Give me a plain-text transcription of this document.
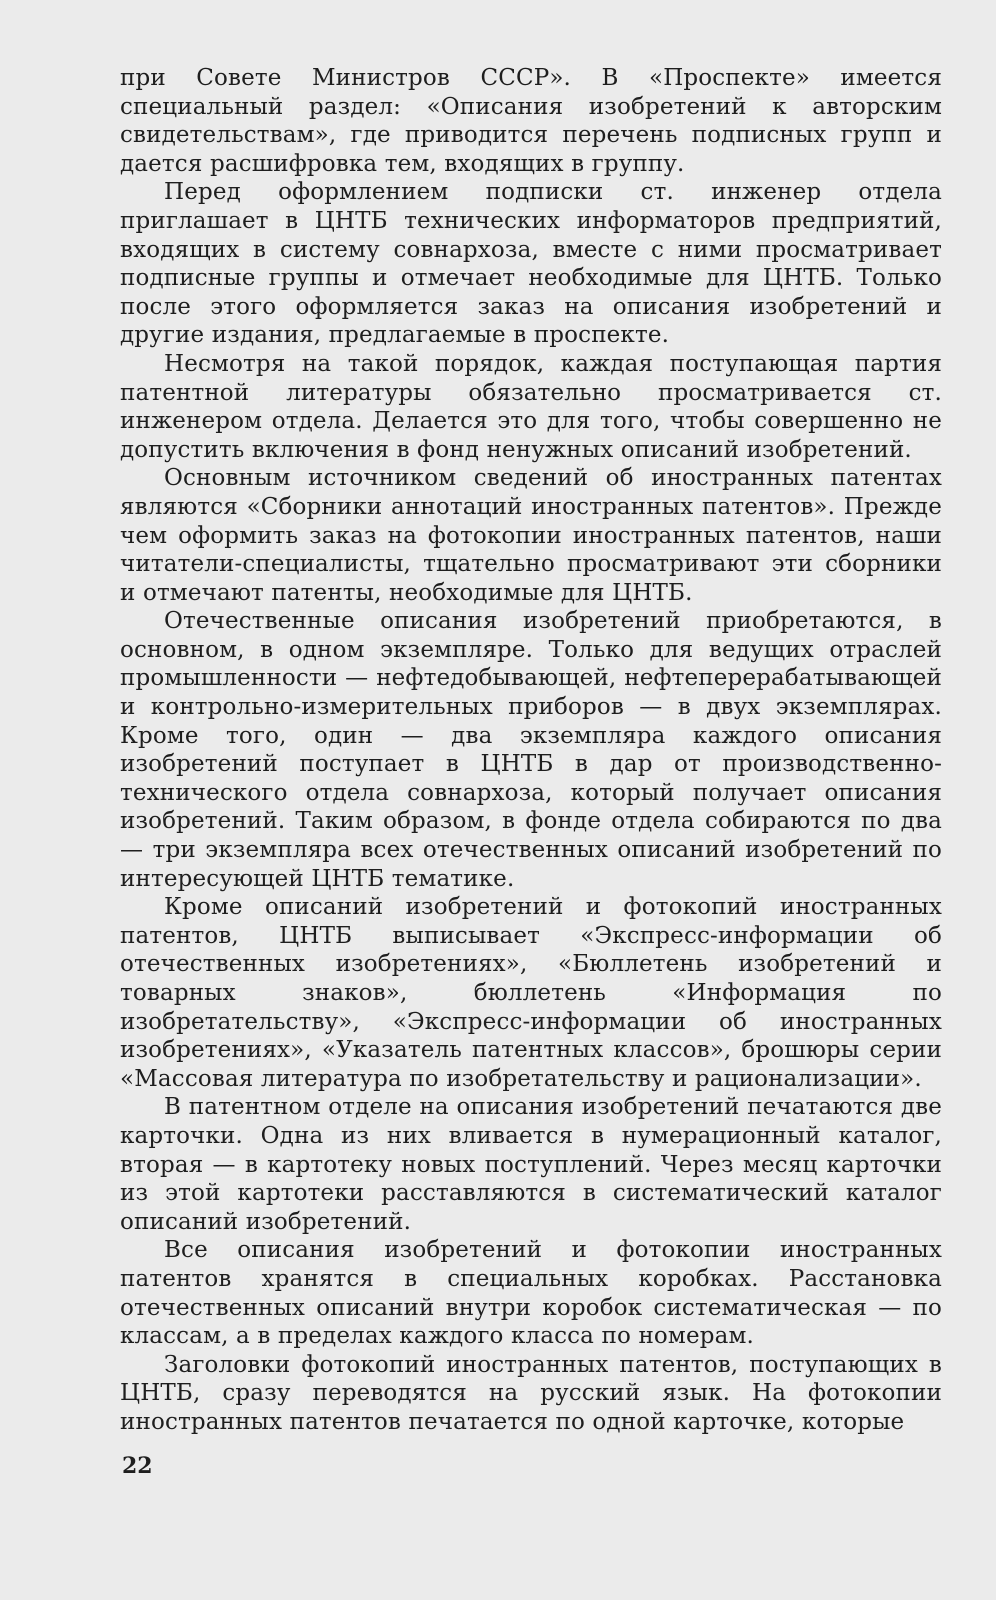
при Совете Министров СССР». В «Проспекте» имеется специальный раздел: «Описания изобретений к авторским свидетельствам», где приводится перечень подписных групп и дается расшифровка тем, входящих в группу.

Перед оформлением подписки ст. инженер отдела приглашает в ЦНТБ технических информаторов предприятий, входящих в систему совнархоза, вместе с ними просматривает подписные группы и отмечает необходимые для ЦНТБ. Только после этого оформляется заказ на описания изобретений и другие издания, предлагаемые в проспекте.

Несмотря на такой порядок, каждая поступающая партия патентной литературы обязательно просматривается ст. инженером отдела. Делается это для того, чтобы совершенно не допустить включения в фонд ненужных описаний изобретений.

Основным источником сведений об иностранных патентах являются «Сборники аннотаций иностранных патентов». Прежде чем оформить заказ на фотокопии иностранных патентов, наши читатели-специалисты, тщательно просматривают эти сборники и отмечают патенты, необходимые для ЦНТБ.

Отечественные описания изобретений приобретаются, в основном, в одном экземпляре. Только для ведущих отраслей промышленности — нефтедобывающей, нефтеперерабатывающей и контрольно-измерительных приборов — в двух экземплярах. Кроме того, один — два экземпляра каждого описания изобретений поступает в ЦНТБ в дар от производственно-технического отдела совнархоза, который получает описания изобретений. Таким образом, в фонде отдела собираются по два — три экземпляра всех отечественных описаний изобретений по интересующей ЦНТБ тематике.

Кроме описаний изобретений и фотокопий иностранных патентов, ЦНТБ выписывает «Экспресс-информации об отечественных изобретениях», «Бюллетень изобретений и товарных знаков», бюллетень «Информация по изобретательству», «Экспресс-информации об иностранных изобретениях», «Указатель патентных классов», брошюры серии «Массовая литература по изобретательству и рационализации».

В патентном отделе на описания изобретений печатаются две карточки. Одна из них вливается в нумерационный каталог, вторая — в картотеку новых поступлений. Через месяц карточки из этой картотеки расставляются в систематический каталог описаний изобретений.

Все описания изобретений и фотокопии иностранных патентов хранятся в специальных коробках. Расстановка отечественных описаний внутри коробок систематическая — по классам, а в пределах каждого класса по номерам.

Заголовки фотокопий иностранных патентов, поступающих в ЦНТБ, сразу переводятся на русский язык. На фотокопии иностранных патентов печатается по одной карточке, которые

22
